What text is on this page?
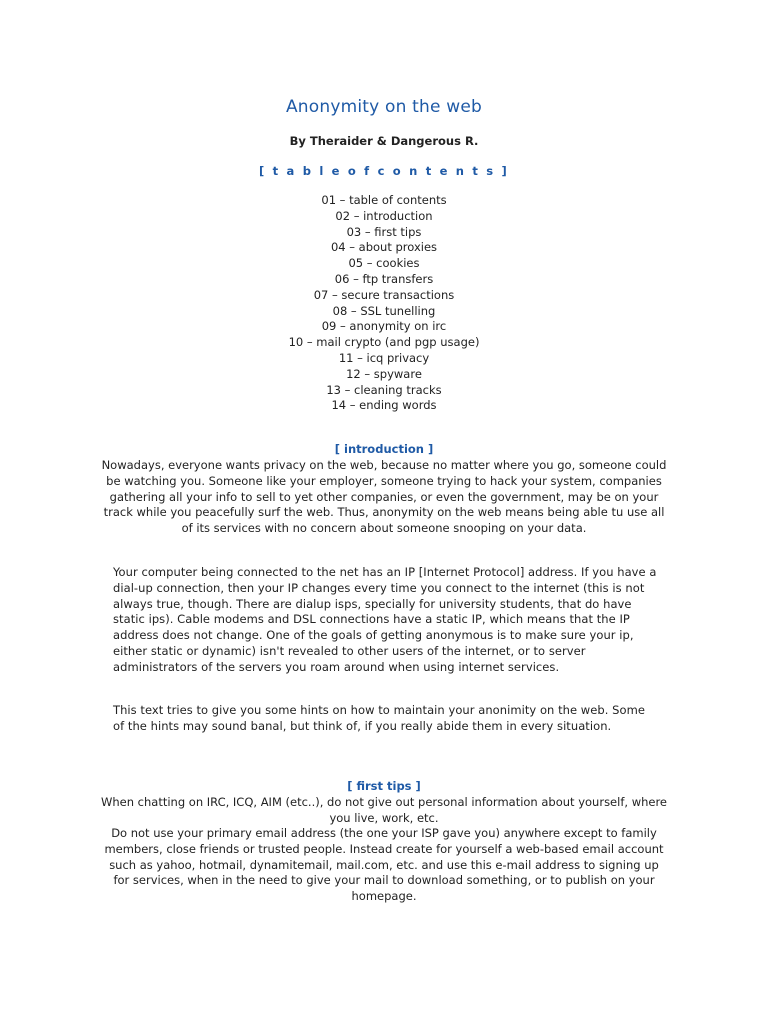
Anonymity on the web
By Theraider & Dangerous R.
[ t a b l e o f c o n t e n t s ]
01 – table of contents
02 – introduction
03 – first tips
04 – about proxies
05 – cookies
06 – ftp transfers
07 – secure transactions
08 – SSL tunelling
09 – anonymity on irc
10 – mail crypto (and pgp usage)
11 – icq privacy
12 – spyware
13 – cleaning tracks
14 – ending words
[ introduction ]

Nowadays, everyone wants privacy on the web, because no matter where you go, someone could be watching you. Someone like your employer, someone trying to hack your system, companies gathering all your info to sell to yet other companies, or even the government, may be on your track while you peacefully surf the web. Thus, anonymity on the web means being able tu use all of its services with no concern about someone snooping on your data.

Your computer being connected to the net has an IP [Internet Protocol] address. If you have a dial-up connection, then your IP changes every time you connect to the internet (this is not always true, though. There are dialup isps, specially for university students, that do have static ips). Cable modems and DSL connections have a static IP, which means that the IP address does not change. One of the goals of getting anonymous is to make sure your ip, either static or dynamic) isn't revealed to other users of the internet, or to server administrators of the servers you roam around when using internet services.

This text tries to give you some hints on how to maintain your anonimity on the web. Some of the hints may sound banal, but think of, if you really abide them in every situation.

[ first tips ]

When chatting on IRC, ICQ, AIM (etc..), do not give out personal information about yourself, where you live, work, etc.

Do not use your primary email address (the one your ISP gave you) anywhere except to family members, close friends or trusted people. Instead create for yourself a web-based email account such as yahoo, hotmail, dynamitemail, mail.com, etc. and use this e-mail address to signing up for services, when in the need to give your mail to download something, or to publish on your homepage.
